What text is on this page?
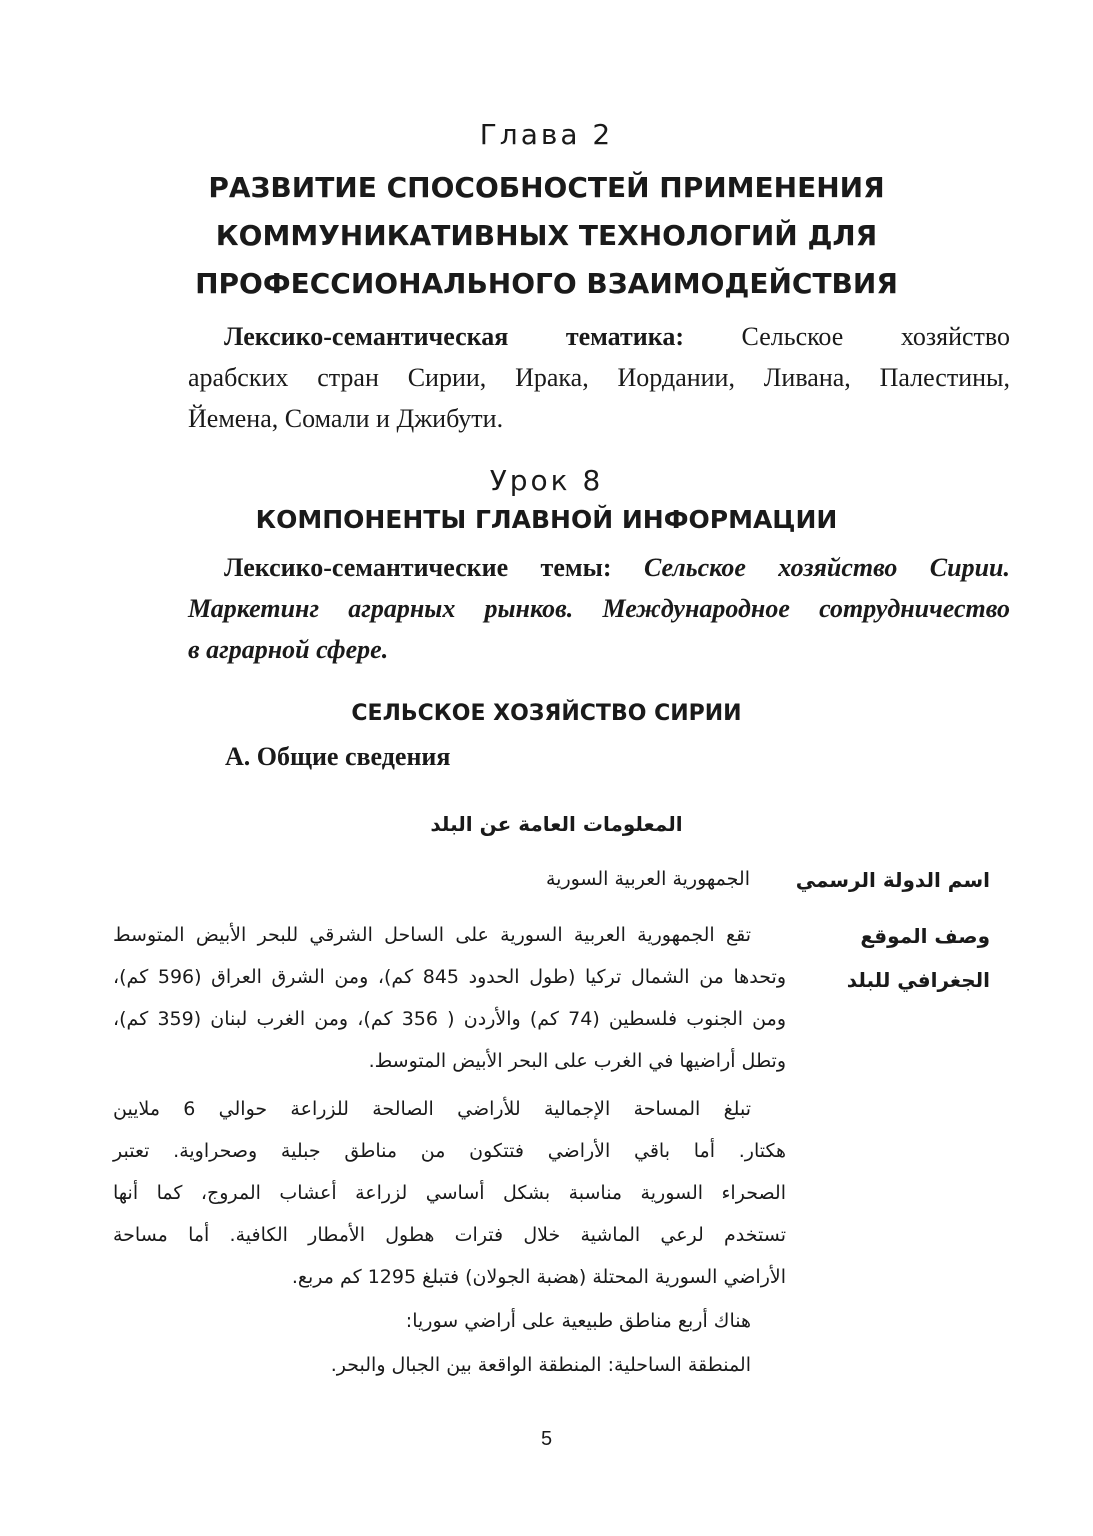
Глава 2
РАЗВИТИЕ СПОСОБНОСТЕЙ ПРИМЕНЕНИЯ
КОММУНИКАТИВНЫХ ТЕХНОЛОГИЙ ДЛЯ
ПРОФЕССИОНАЛЬНОГО ВЗАИМОДЕЙСТВИЯ
Лексико-семантическая тематика: Сельское хозяйство
арабских стран Сирии, Ирака, Иордании, Ливана, Палестины,
Йемена, Сомали и Джибути.
Урок 8
КОМПОНЕНТЫ ГЛАВНОЙ ИНФОРМАЦИИ
Лексико-семантические темы: Сельское хозяйство Сирии.
Маркетинг аграрных рынков. Международное сотрудничество
в аграрной сфере.
СЕЛЬСКОЕ ХОЗЯЙСТВО СИРИИ
А. Общие сведения
المعلومات العامة عن البلد
اسم الدولة الرسمي
الجمهورية العربية السورية
وصف الموقع
الجغرافي للبلد
تقع الجمهورية العربية السورية على الساحل الشرقي للبحر الأبيض المتوسط
وتحدها من الشمال تركيا (طول الحدود 845 كم)، ومن الشرق العراق (596 كم)،
ومن الجنوب فلسطين (74 كم) والأردن ( 356 كم)، ومن الغرب لبنان (359 كم)،
وتطل أراضيها في الغرب على البحر الأبيض المتوسط.
تبلغ المساحة الإجمالية للأراضي الصالحة للزراعة حوالي 6 ملايين
هكتار. أما باقي الأراضي فتتكون من مناطق جبلية وصحراوية. تعتبر
الصحراء السورية مناسبة بشكل أساسي لزراعة أعشاب المروج، كما أنها
تستخدم لرعي الماشية خلال فترات هطول الأمطار الكافية. أما مساحة
الأراضي السورية المحتلة (هضبة الجولان) فتبلغ 1295 كم مربع.
هناك أربع مناطق طبيعية على أراضي سوريا:
المنطقة الساحلية: المنطقة الواقعة بين الجبال والبحر.
5
